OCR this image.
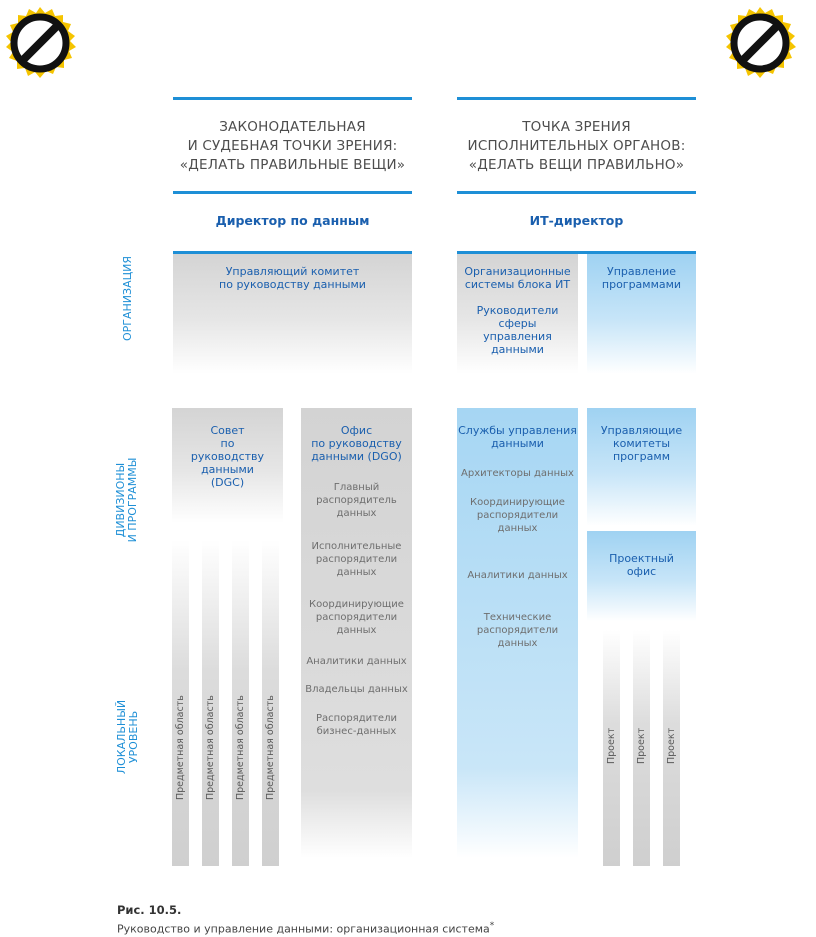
ЗАКОНОДАТЕЛЬНАЯ
И СУДЕБНАЯ ТОЧКИ ЗРЕНИЯ:
«ДЕЛАТЬ ПРАВИЛЬНЫЕ ВЕЩИ»
Директор по данным
ТОЧКА ЗРЕНИЯ
ИСПОЛНИТЕЛЬНЫХ ОРГАНОВ:
«ДЕЛАТЬ ВЕЩИ ПРАВИЛЬНО»
ИТ-директор
ОРГАНИЗАЦИЯ
ДИВИЗИОНЫ
И ПРОГРАММЫ
ЛОКАЛЬНЫЙ
УРОВЕНЬ
Управляющий комитет
по руководству данными
Организационные
системы блока ИТ
Руководители
сферы
управления
данными
Управление
программами
Совет
по
руководству
данными
(DGC)
Офис
по руководству
данными (DGO)
Главный
распорядитель
данных
Исполнительные
распорядители
данных
Координирующие
распорядители
данных
Аналитики данных
Владельцы данных
Распорядители
бизнес-данных
Службы управления
данными
Архитекторы данных
Координирующие
распорядители
данных
Аналитики данных
Технические
распорядители
данных
Управляющие
комитеты
программ
Проектный
офис
Предметная область Предметная область Предметная область Предметная область	Проект Проект Проект
Рис. 10.5.
Руководство и управление данными: организационная система*
